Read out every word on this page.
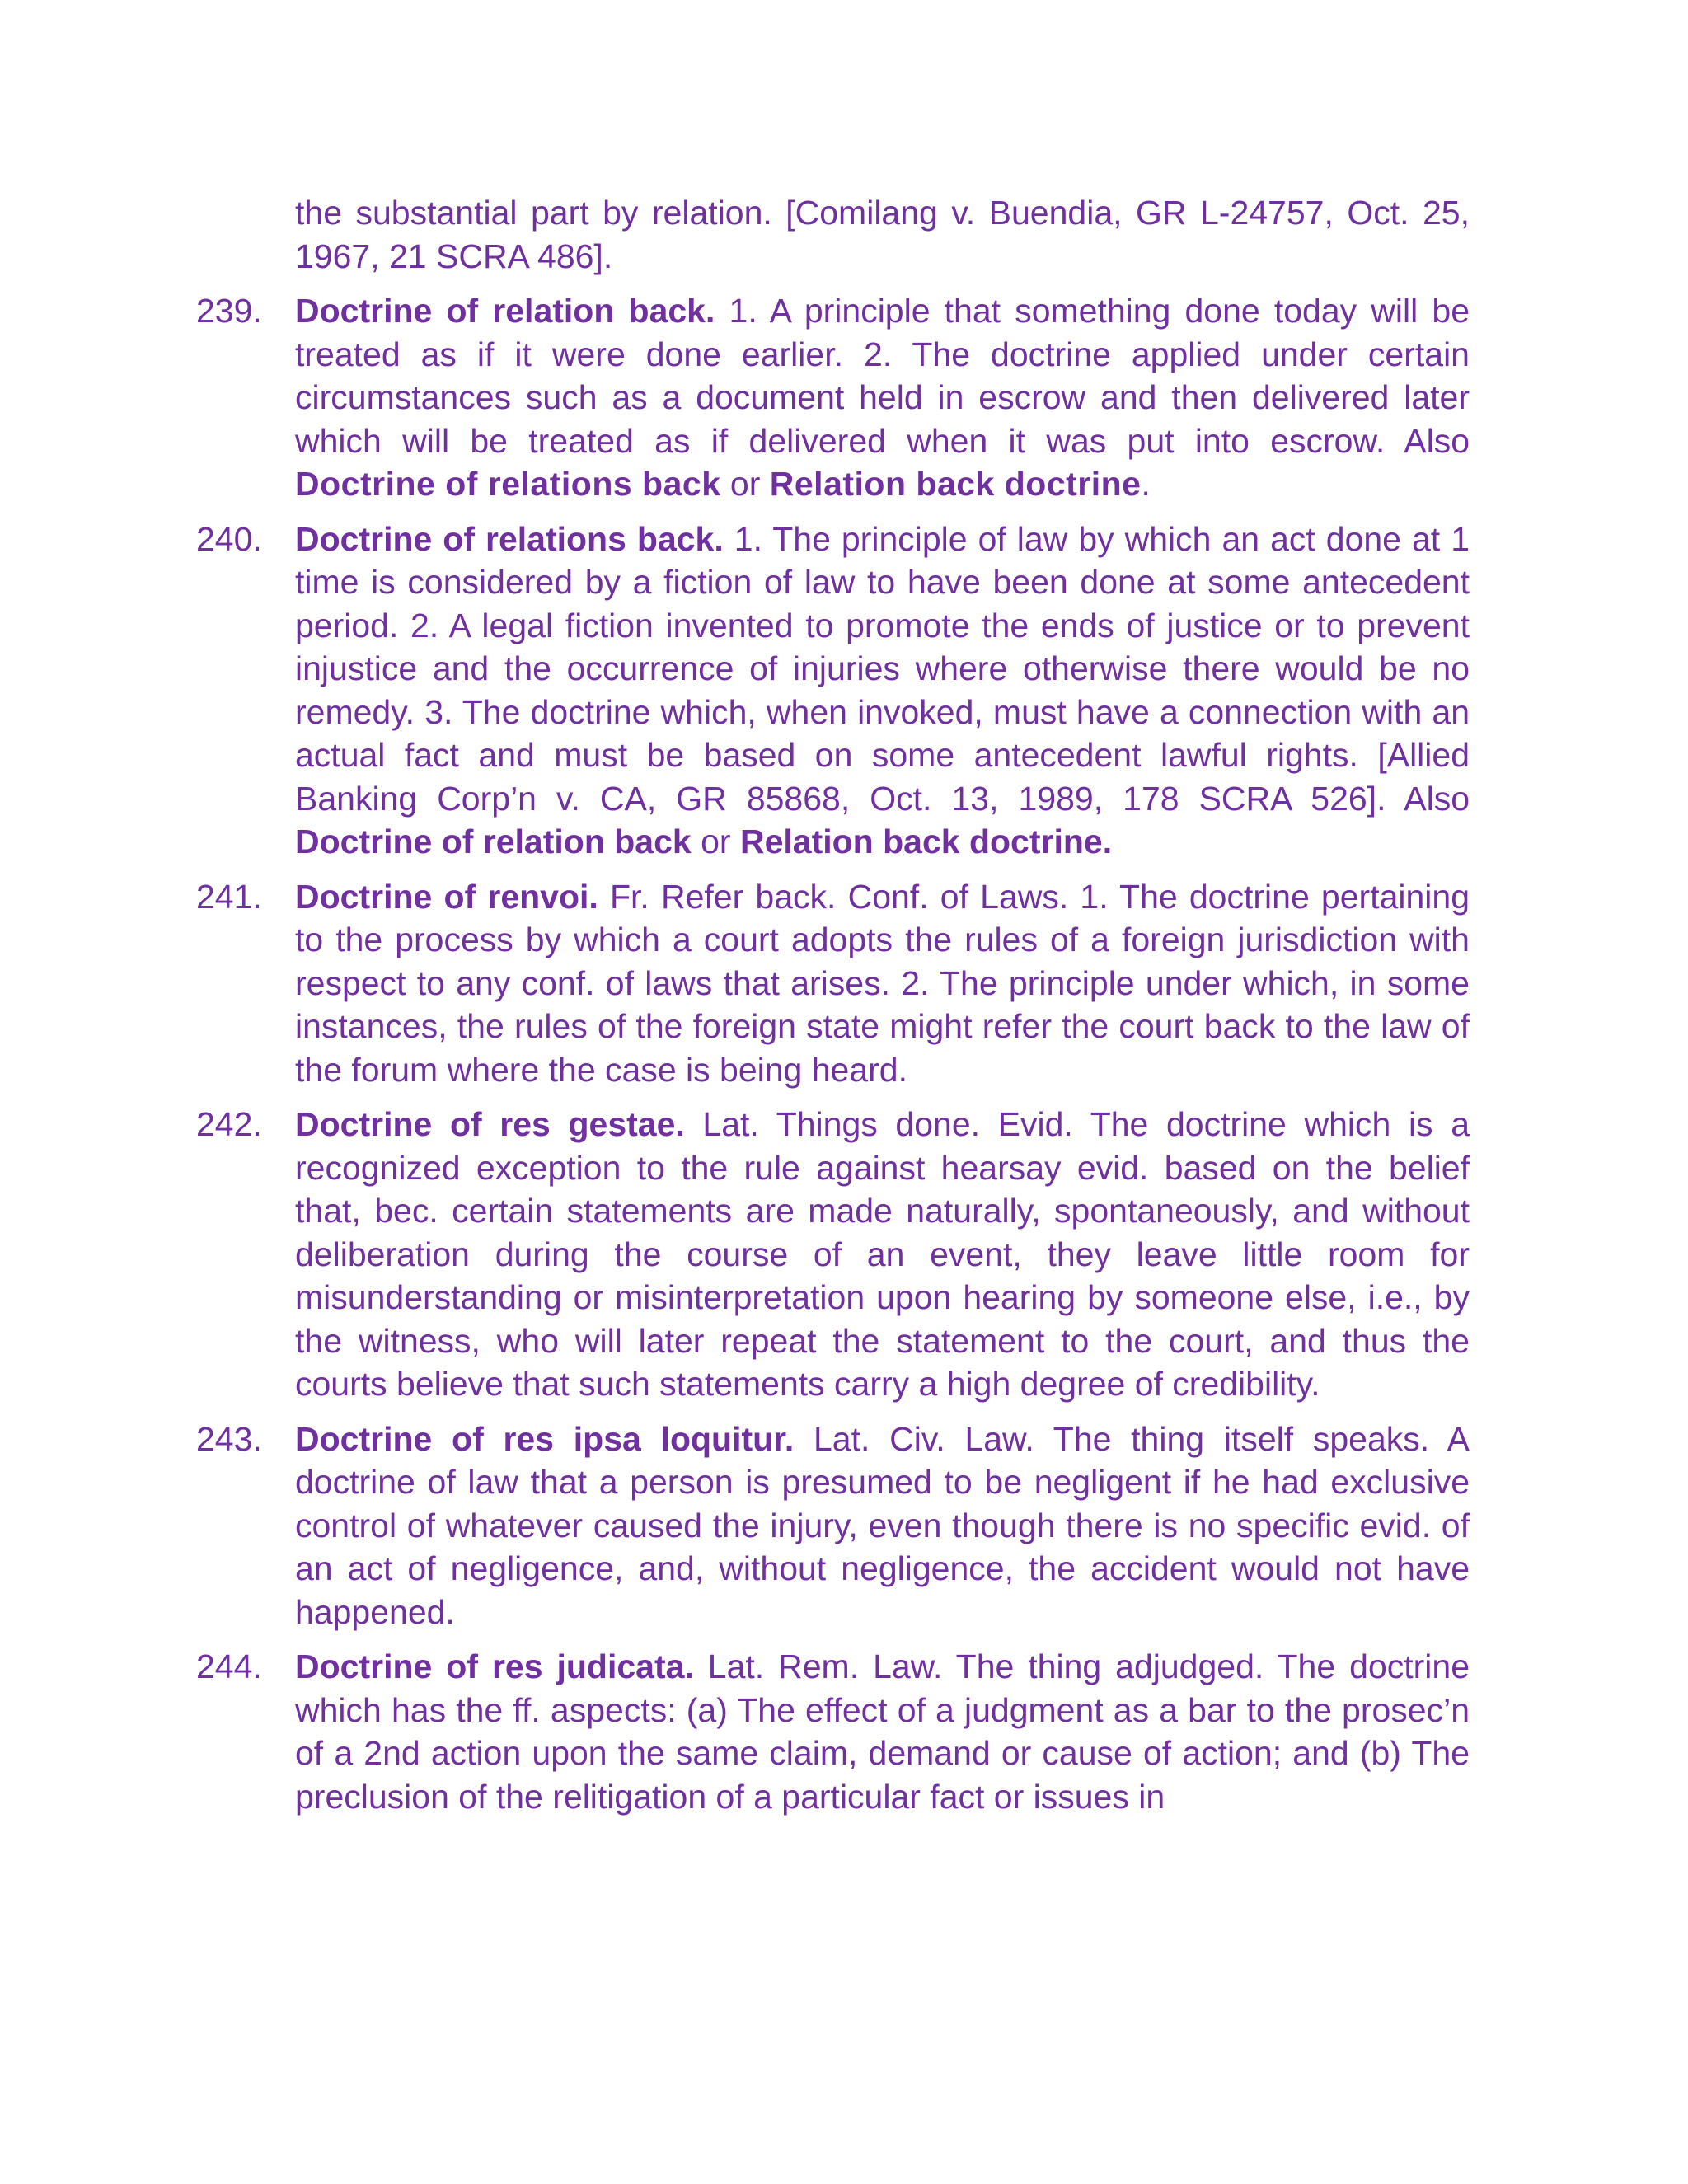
the substantial part by relation. [Comilang v. Buendia, GR L-24757, Oct. 25, 1967, 21 SCRA 486].
239. Doctrine of relation back. 1. A principle that something done today will be treated as if it were done earlier. 2. The doctrine applied under certain circumstances such as a document held in escrow and then delivered later which will be treated as if delivered when it was put into escrow. Also Doctrine of relations back or Relation back doctrine.
240. Doctrine of relations back. 1. The principle of law by which an act done at 1 time is considered by a fiction of law to have been done at some antecedent period. 2. A legal fiction invented to promote the ends of justice or to prevent injustice and the occurrence of injuries where otherwise there would be no remedy. 3. The doctrine which, when invoked, must have a connection with an actual fact and must be based on some antecedent lawful rights. [Allied Banking Corp’n v. CA, GR 85868, Oct. 13, 1989, 178 SCRA 526]. Also Doctrine of relation back or Relation back doctrine.
241. Doctrine of renvoi. Fr. Refer back. Conf. of Laws. 1. The doctrine pertaining to the process by which a court adopts the rules of a foreign jurisdiction with respect to any conf. of laws that arises. 2. The principle under which, in some instances, the rules of the foreign state might refer the court back to the law of the forum where the case is being heard.
242. Doctrine of res gestae. Lat. Things done. Evid. The doctrine which is a recognized exception to the rule against hearsay evid. based on the belief that, bec. certain statements are made naturally, spontaneously, and without deliberation during the course of an event, they leave little room for misunderstanding or misinterpretation upon hearing by someone else, i.e., by the witness, who will later repeat the statement to the court, and thus the courts believe that such statements carry a high degree of credibility.
243. Doctrine of res ipsa loquitur. Lat. Civ. Law. The thing itself speaks. A doctrine of law that a person is presumed to be negligent if he had exclusive control of whatever caused the injury, even though there is no specific evid. of an act of negligence, and, without negligence, the accident would not have happened.
244. Doctrine of res judicata. Lat. Rem. Law. The thing adjudged. The doctrine which has the ff. aspects: (a) The effect of a judgment as a bar to the prosec’n of a 2nd action upon the same claim, demand or cause of action; and (b) The preclusion of the relitigation of a particular fact or issues in
